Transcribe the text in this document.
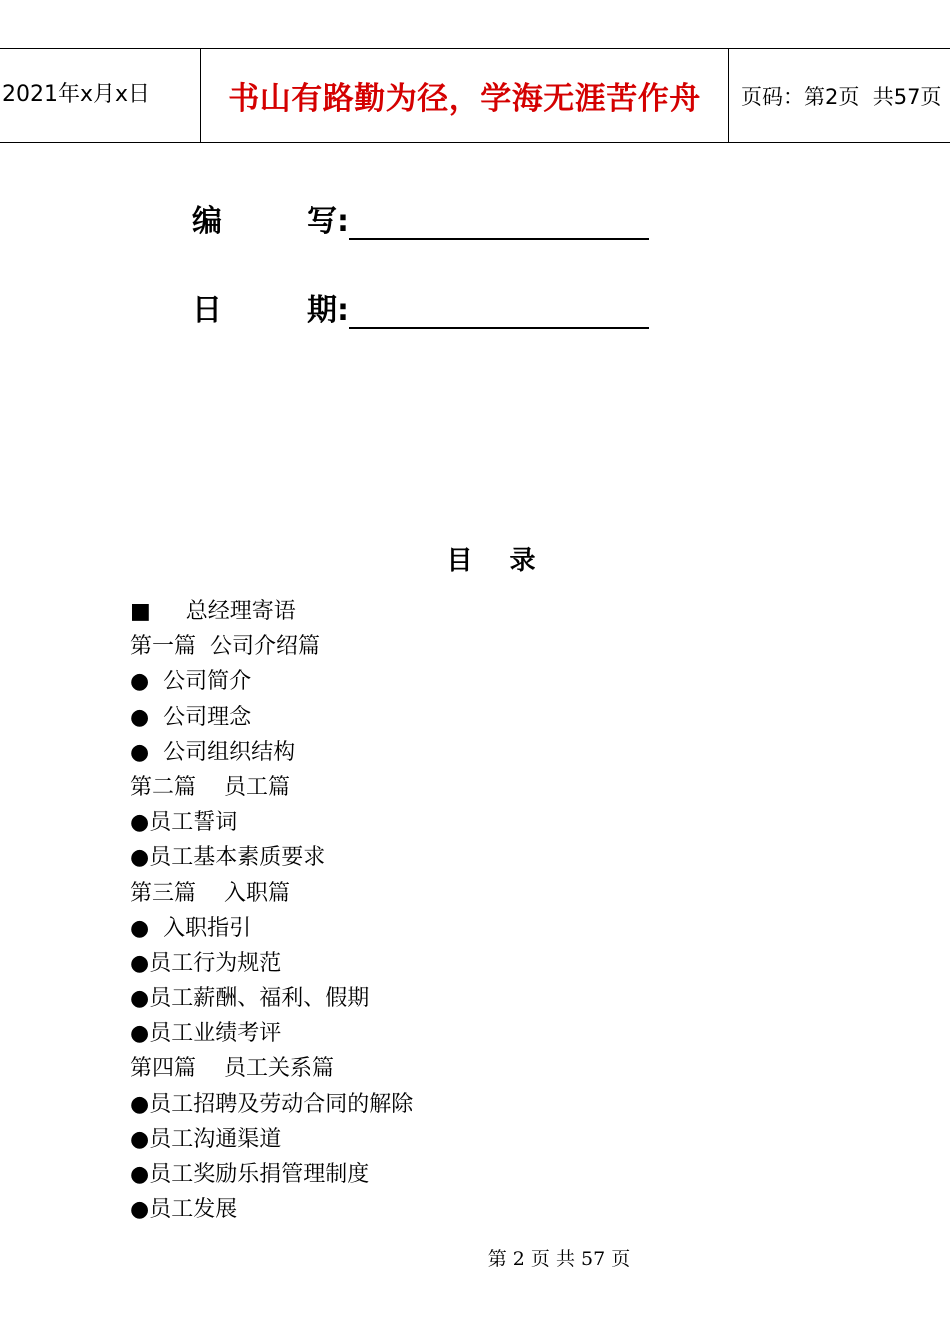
2021年x月x日	书山有路勤为径，学海无涯苦作舟	页码：第2页  共57页
编	写:
日	期:
目 录
■     总经理寄语
第一篇  公司介绍篇
●  公司简介
●  公司理念
●  公司组织结构
第二篇    员工篇
●员工誓词
●员工基本素质要求
第三篇    入职篇
●  入职指引
●员工行为规范
●员工薪酬、福利、假期
●员工业绩考评
第四篇    员工关系篇
●员工招聘及劳动合同的解除
●员工沟通渠道
●员工奖励乐捐管理制度
●员工发展
第 2 页 共 57 页
